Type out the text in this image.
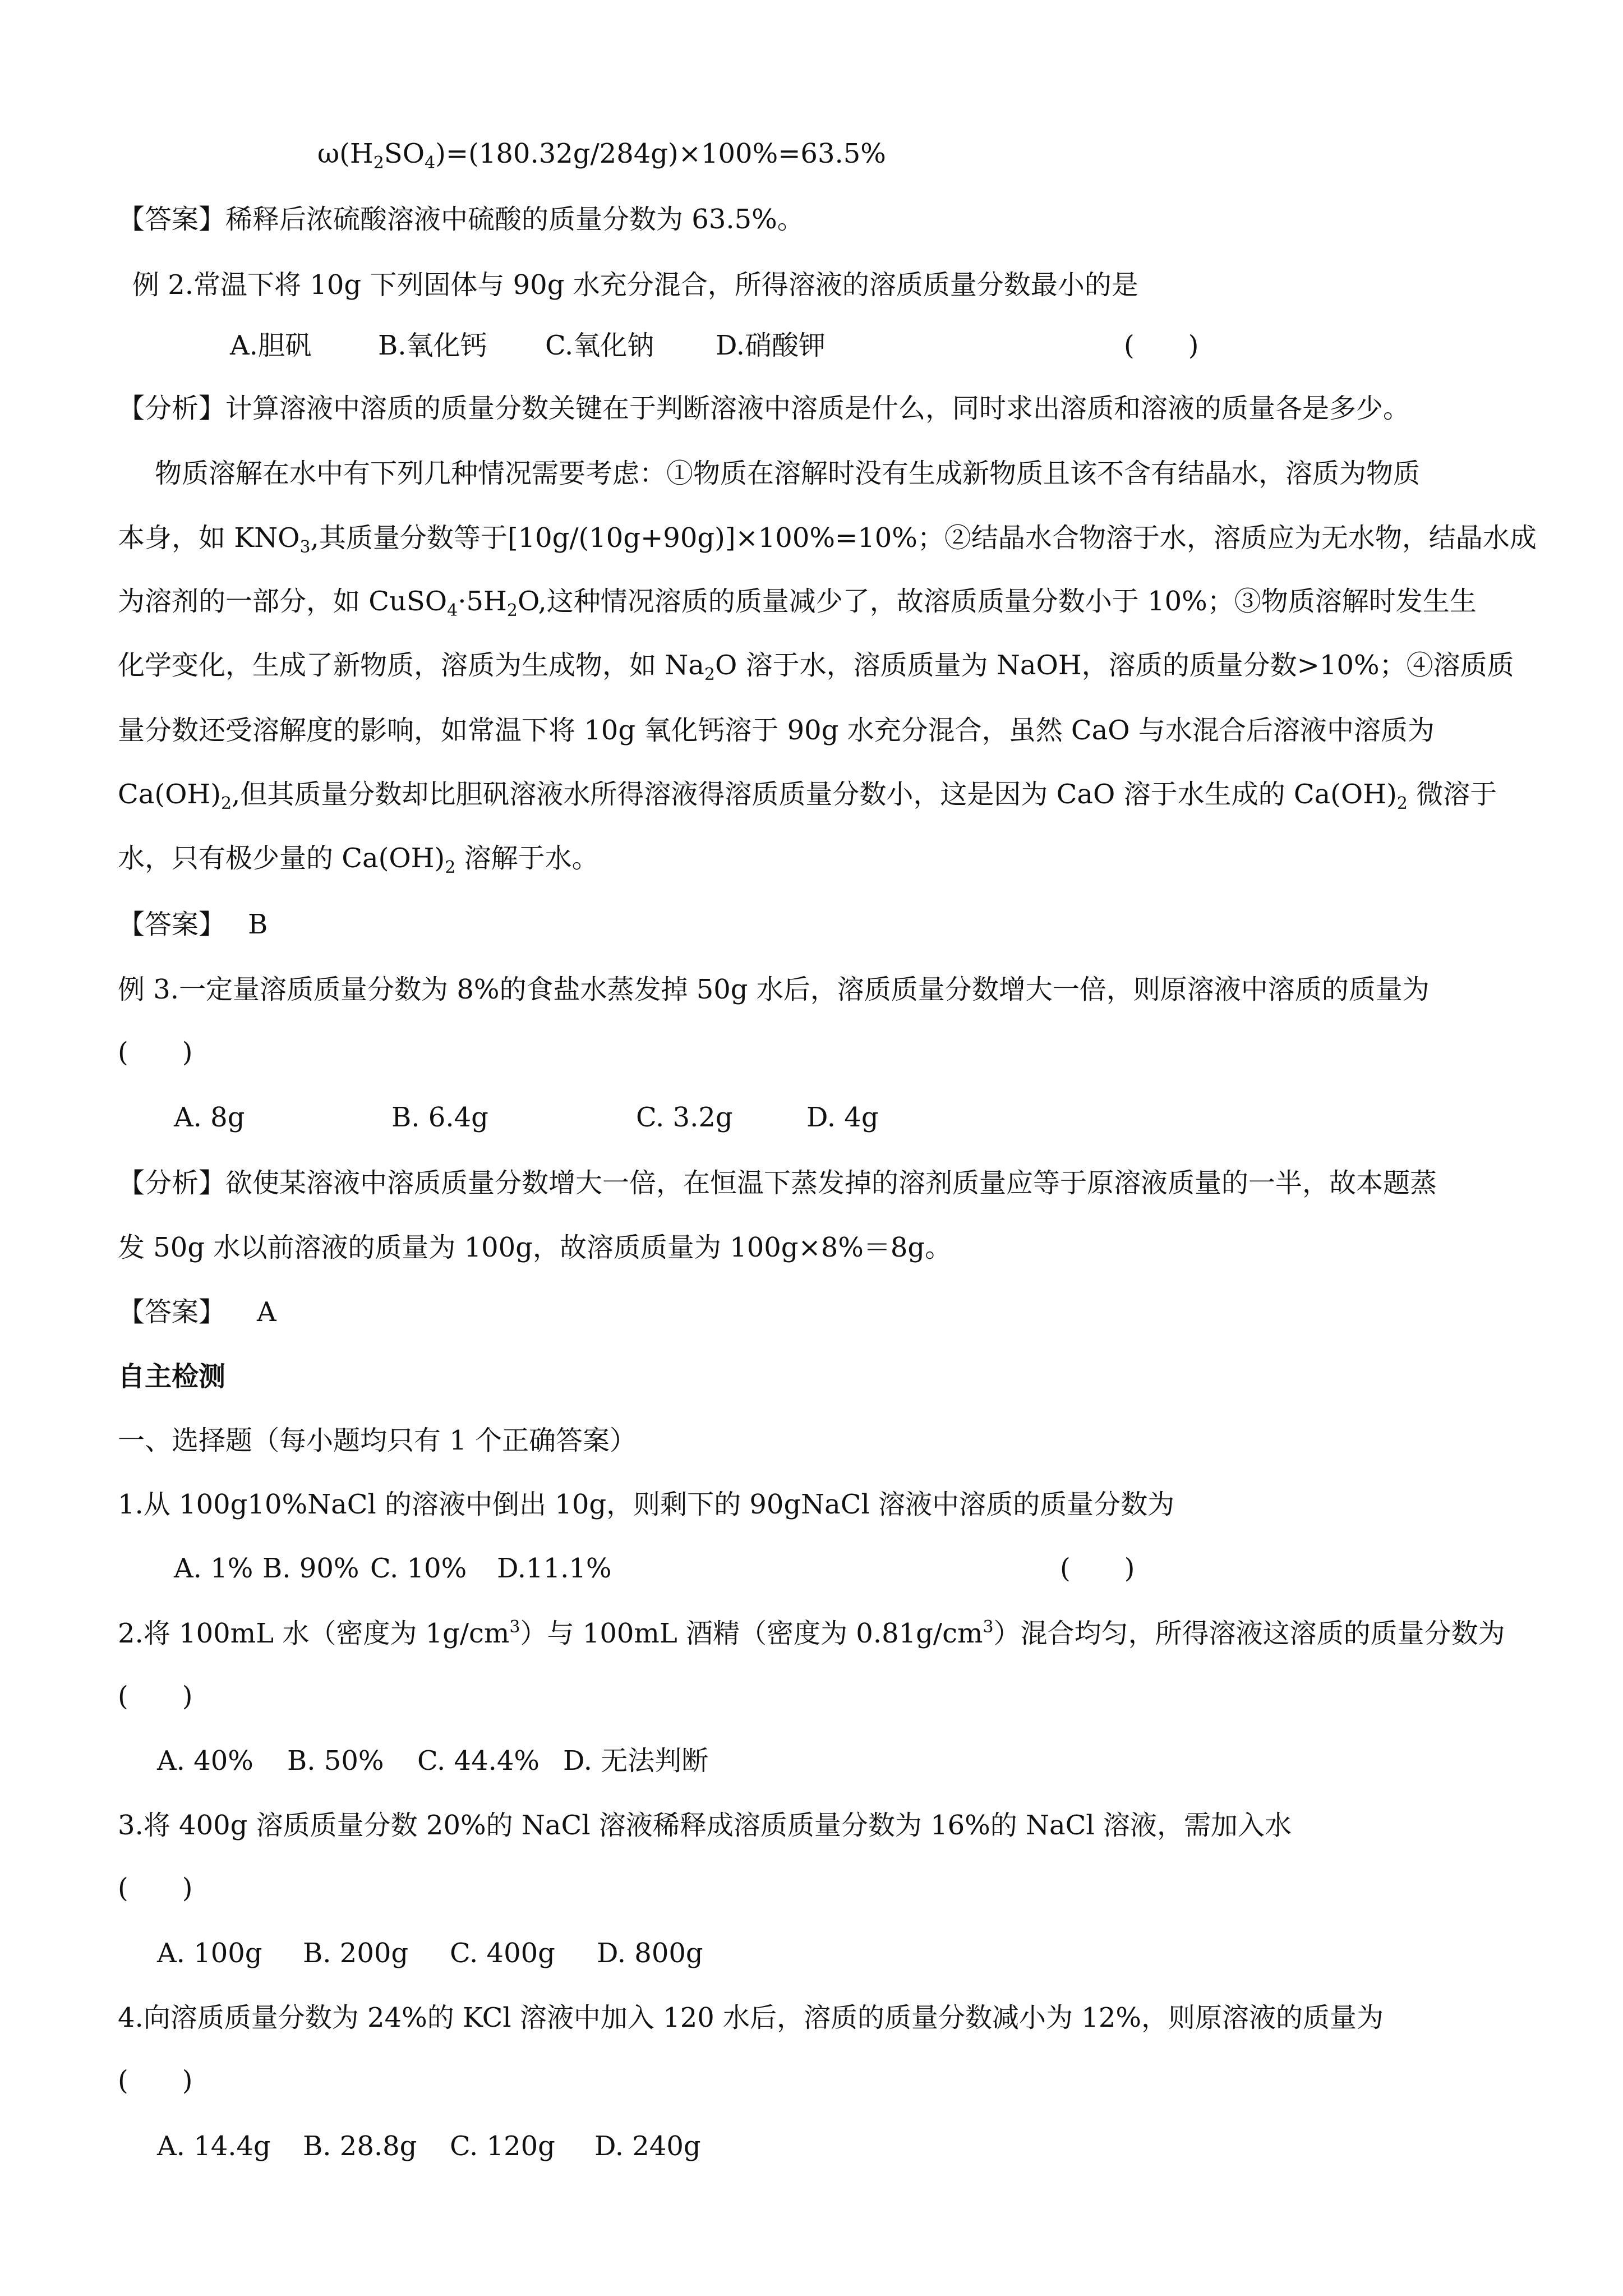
$\omega(H_2SO_4)=(180.32g/284g)\times 100\%=63.5\%$
【答案】稀释后浓硫酸溶液中硫酸的质量分数为 63.5%。
例 2.常温下将 10g 下列固体与 90g 水充分混合，所得溶液的溶质质量分数最小的是
A.胆矾 B.氧化钙 C.氧化钠 D.硝酸钾	(　　)
【分析】计算溶液中溶质的质量分数关键在于判断溶液中溶质是什么，同时求出溶质和溶液的质量各是多少。
物质溶解在水中有下列几种情况需要考虑：①物质在溶解时没有生成新物质且该不含有结晶水，溶质为物质
本身，如 $KNO_3$,其质量分数等于[10g/(10g+90g)]×100%=10%；②结晶水合物溶于水，溶质应为无水物，结晶水成
为溶剂的一部分，如 $CuSO_4\cdot 5H_2O$,这种情况溶质的质量减少了，故溶质质量分数小于 10%；③物质溶解时发生生
化学变化，生成了新物质，溶质为生成物，如 $Na_2O$ 溶于水，溶质质量为 NaOH，溶质的质量分数>10%；④溶质质
量分数还受溶解度的影响，如常温下将 10g 氧化钙溶于 90g 水充分混合，虽然 CaO 与水混合后溶液中溶质为
$Ca(OH)_2$,但其质量分数却比胆矾溶液水所得溶液得溶质质量分数小，这是因为 CaO 溶于水生成的 $Ca(OH)_2$ 微溶于
水，只有极少量的 $Ca(OH)_2$ 溶解于水。
【答案】 B
例 3.一定量溶质质量分数为 8%的食盐水蒸发掉 50g 水后，溶质质量分数增大一倍，则原溶液中溶质的质量为
(　　)
A. 8g	B. 6.4g	C. 3.2g	D. 4g
【分析】欲使某溶液中溶质质量分数增大一倍，在恒温下蒸发掉的溶剂质量应等于原溶液质量的一半，故本题蒸
发 50g 水以前溶液的质量为 100g，故溶质质量为 100g×8%＝8g。
【答案】 A
自主检测
一、选择题（每小题均只有 1 个正确答案）
1.从 100g10%NaCl 的溶液中倒出 10g，则剩下的 90gNaCl 溶液中溶质的质量分数为
A. 1% B. 90% C. 10% D.11.1%	(　　)
2.将 100mL 水（密度为 $1g/cm^3$）与 100mL 酒精（密度为 $0.81g/cm^3$）混合均匀，所得溶液这溶质的质量分数为
(　　)
A. 40% B. 50% C. 44.4% D. 无法判断
3.将 400g 溶质质量分数 20%的 NaCl 溶液稀释成溶质质量分数为 16%的 NaCl 溶液，需加入水
(　　)
A. 100g B. 200g C. 400g D. 800g
4.向溶质质量分数为 24%的 KCl 溶液中加入 120 水后，溶质的质量分数减小为 12%，则原溶液的质量为
(　　)
A. 14.4g B. 28.8g C. 120g D. 240g
